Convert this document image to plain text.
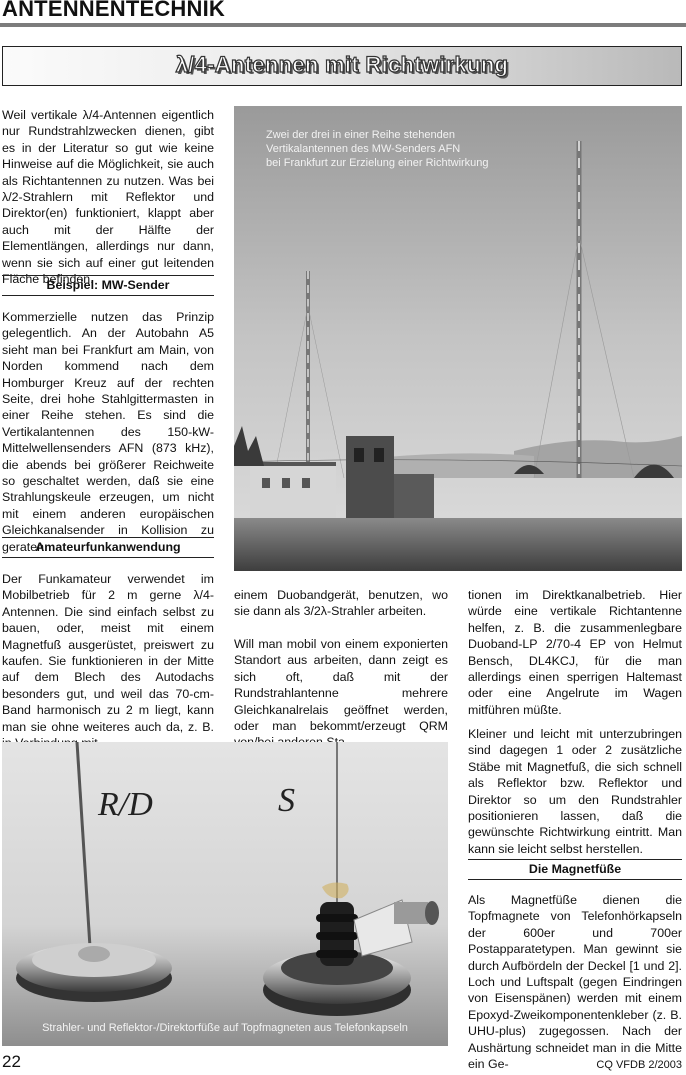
ANTENNENTECHNIK
λ/4-Antennen mit Richtwirkung

Weil vertikale λ/4-Antennen eigentlich nur Rundstrahlzwecken dienen, gibt es in der Literatur so gut wie keine Hinweise auf die Möglichkeit, sie auch als Richtantennen zu nutzen. Was bei λ/2-Strahlern mit Reflektor und Direktor(en) funktioniert, klappt aber auch mit der Hälfte der Elementlängen, allerdings nur dann, wenn sie sich auf einer gut leitenden Fläche befinden.

Beispiel: MW-Sender

Kommerzielle nutzen das Prinzip gelegentlich. An der Autobahn A5 sieht man bei Frankfurt am Main, von Norden kommend nach dem Homburger Kreuz auf der rechten Seite, drei hohe Stahlgittermasten in einer Reihe stehen. Es sind die Vertikalantennen des 150-kW-Mittelwellensenders AFN (873 kHz), die abends bei größerer Reichweite so geschaltet werden, daß sie eine Strahlungskeule erzeugen, um nicht mit einem anderen europäischen Gleichkanalsender in Kollision zu geraten.

Amateurfunkanwendung

Der Funkamateur verwendet im Mobilbetrieb für 2 m gerne λ/4-Antennen. Die sind einfach selbst zu bauen, oder, meist mit einem Magnetfuß ausgerüstet, preiswert zu kaufen. Sie funktionieren in der Mitte auf dem Blech des Autodachs besonders gut, und weil das 70-cm-Band harmonisch zu 2 m liegt, kann man sie ohne weiteres auch da, z. B.

Zwei der drei in einer Reihe stehenden
Vertikalantennen des MW-Senders AFN
bei Frankfurt zur Erzielung einer Richtwirkung

einem Duobandgerät, benutzen, wo sie dann als 3/2λ-Strahler arbeiten.

Will man mobil von einem exponierten Standort aus arbeiten, dann zeigt es sich oft, daß mit der Rundstrahlantenne mehrere Gleichkanalrelais geöffnet werden, oder man bekommt/erzeugt QRM

tionen im Direktkanalbetrieb. Hier würde eine vertikale Richtantenne helfen, z. B. die zusammenlegbare Duoband-LP 2/70-4 EP von Helmut Bensch, DL4KCJ, für die man allerdings einen sperrigen Haltemast oder eine Angelrute im Wagen mitführen müßte.

Kleiner und leicht mit unterzubringen sind dagegen 1 oder 2 zusätzliche Stäbe mit Magnetfuß, die sich schnell als Reflektor bzw. Reflektor und Direktor so um den Rundstrahler positionieren lassen, daß die gewünschte Richtwirkung eintritt. Man kann sie leicht selbst herstellen.

Die Magnetfüße

Als Magnetfüße dienen die Topfmagnete von Telefonhörkapseln der 600er und 700er Postapparatetypen. Man gewinnt sie durch Aufbördeln der Deckel [1 und 2]. Loch und Luftspalt (gegen Eindringen von Eisenspänen) werden mit einem Epoxyd-Zweikomponentenkleber (z. B. UHU-plus) zugegossen. Nach der Aushärtung schneidet man in die Mitte ein Ge-

R/D	S
Strahler- und Reflektor-/Direktorfüße auf Topfmagneten aus Telefonkapseln
22	CQ VFDB 2/2003
